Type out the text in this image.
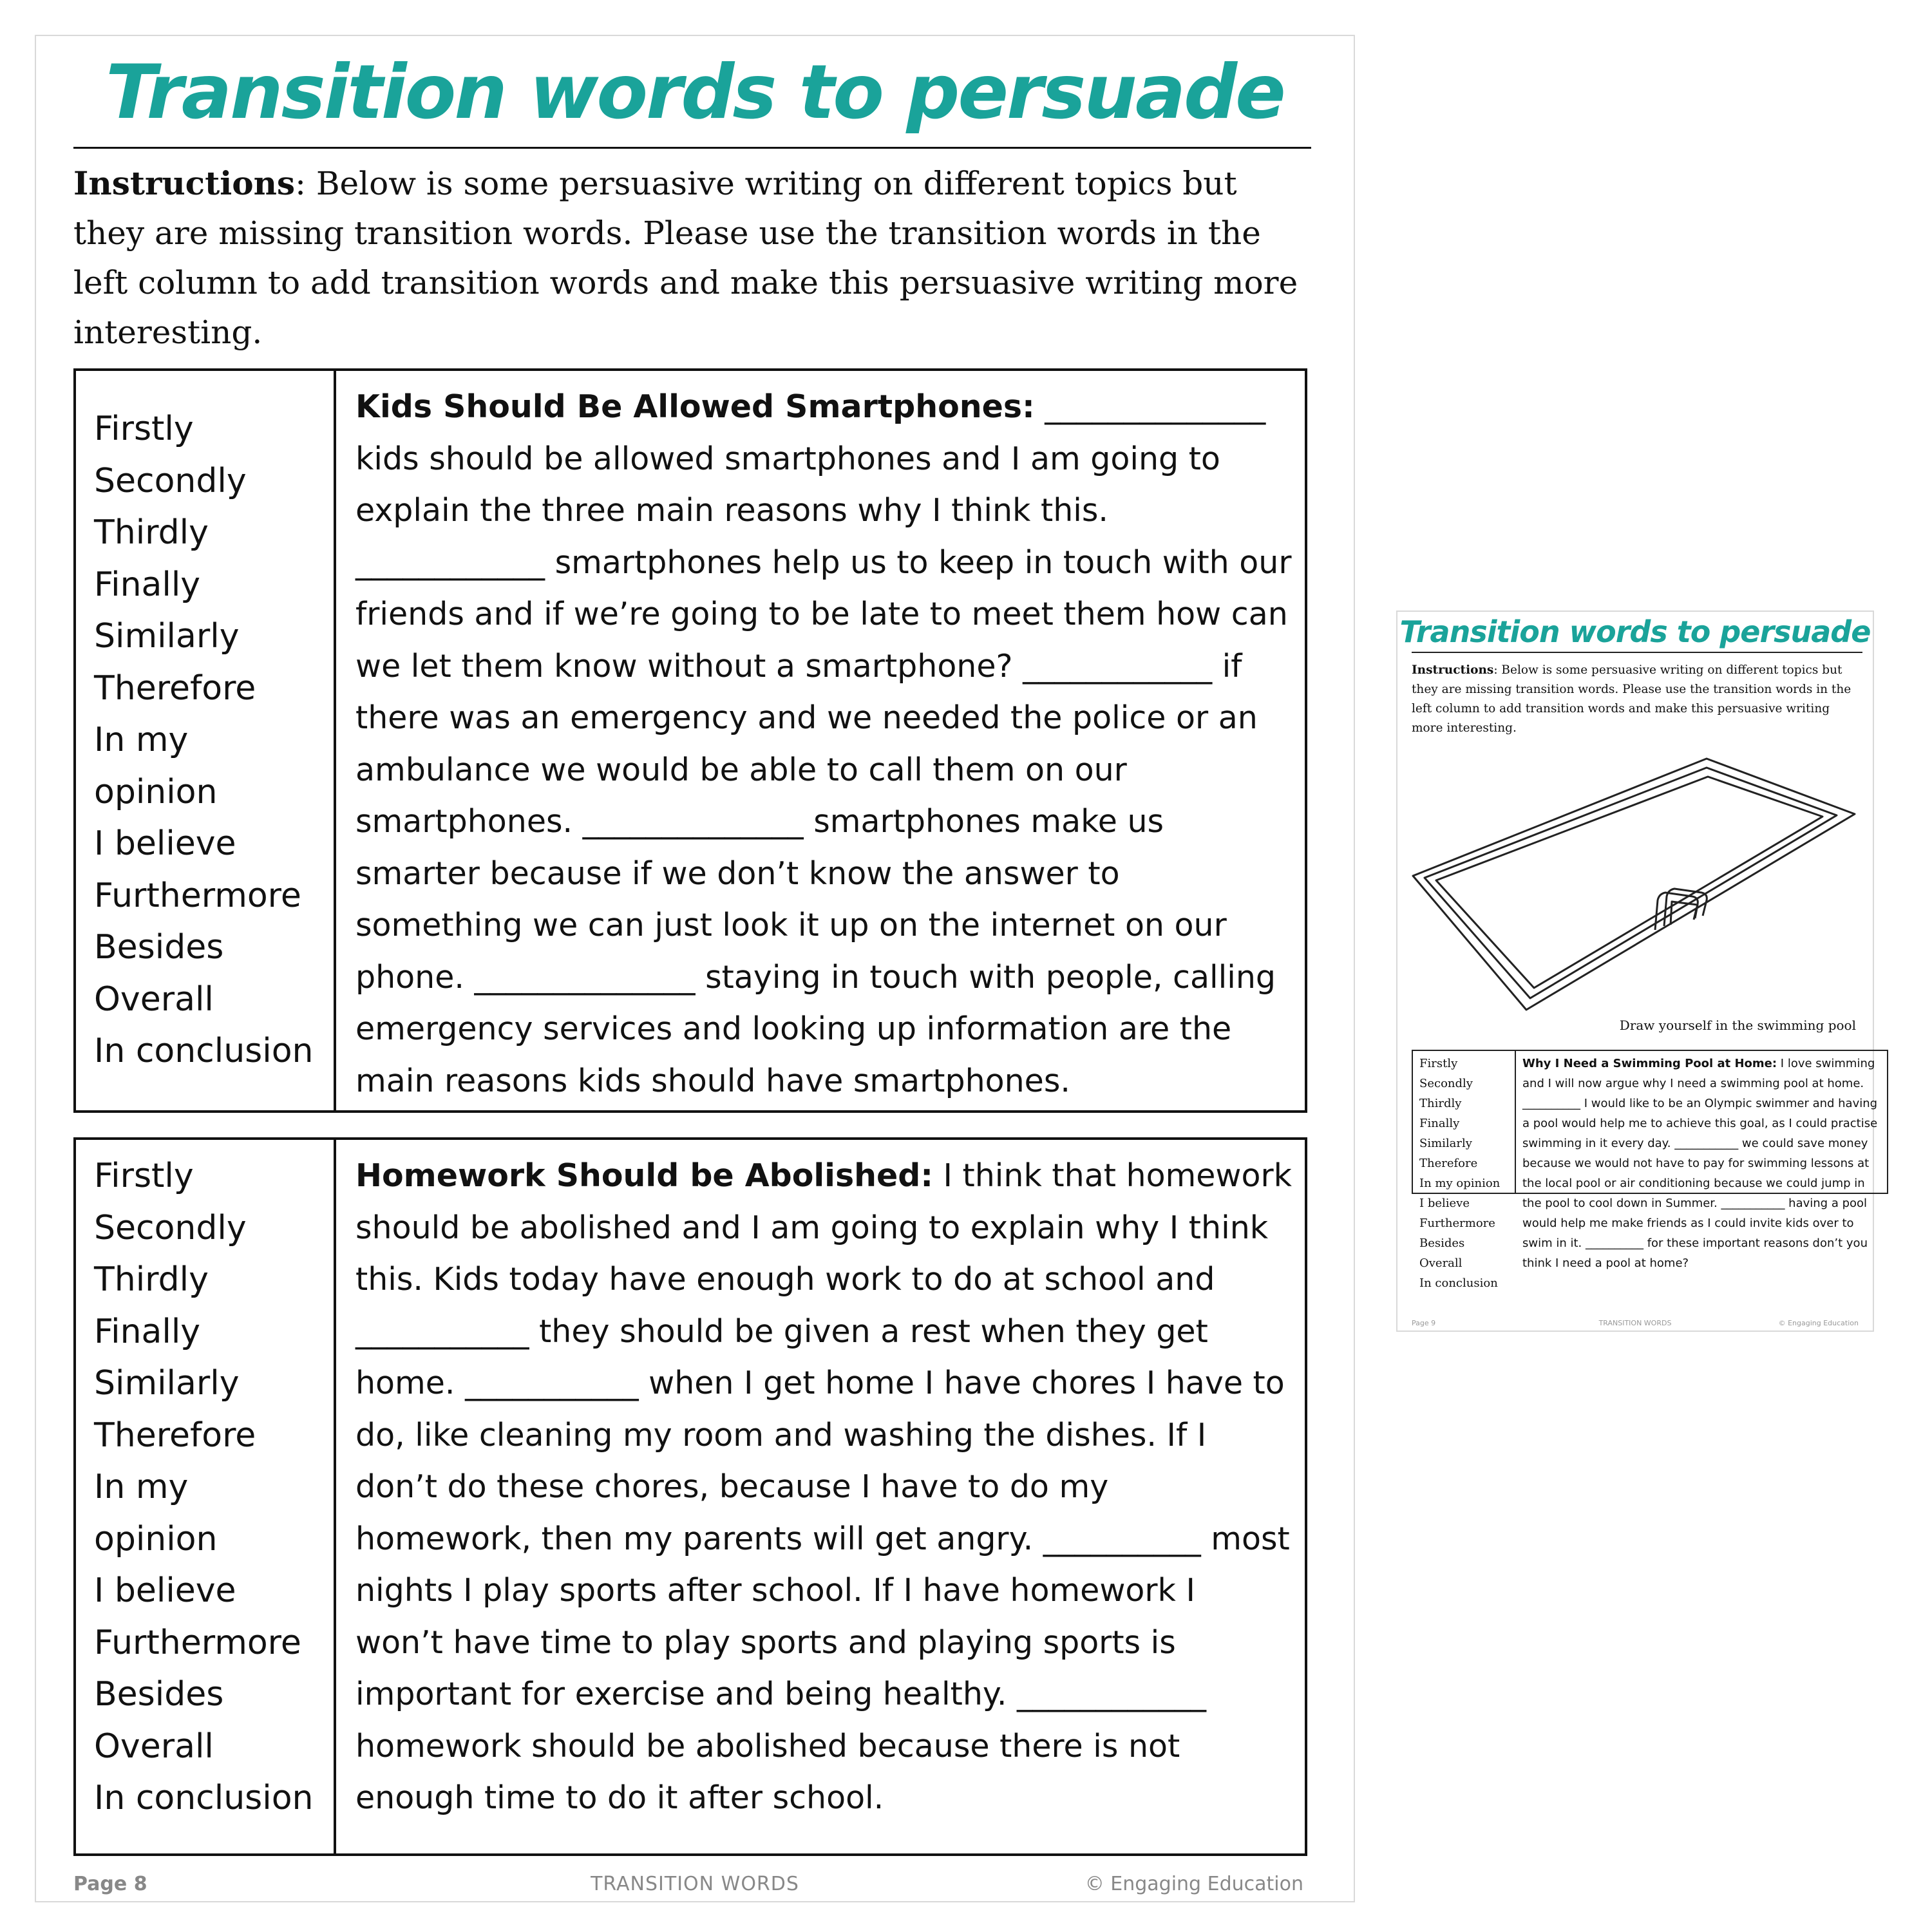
Transition words to persuade

Instructions: Below is some persuasive writing on different topics but they are missing transition words. Please use the transition words in the left column to add transition words and make this persuasive writing more interesting.

Firstly
Secondly
Thirdly
Finally
Similarly
Therefore
In my
opinion
I believe
Furthermore
Besides
Overall
In conclusion

Kids Should Be Allowed Smartphones: ______________ kids should be allowed smartphones and I am going to explain the three main reasons why I think this. ____________ smartphones help us to keep in touch with our friends and if we’re going to be late to meet them how can we let them know without a smartphone? ____________ if there was an emergency and we needed the police or an ambulance we would be able to call them on our smartphones. ______________ smartphones make us smarter because if we don’t know the answer to something we can just look it up on the internet on our phone. ______________ staying in touch with people, calling emergency services and looking up information are the main reasons kids should have smartphones.

Firstly
Secondly
Thirdly
Finally
Similarly
Therefore
In my
opinion
I believe
Furthermore
Besides
Overall
In conclusion

Homework Should be Abolished: I think that homework should be abolished and I am going to explain why I think this. Kids today have enough work to do at school and ___________ they should be given a rest when they get home. ___________ when I get home I have chores I have to do, like cleaning my room and washing the dishes. If I don’t do these chores, because I have to do my homework, then my parents will get angry. __________ most nights I play sports after school. If I have homework I won’t have time to play sports and playing sports is important for exercise and being healthy. ____________ homework should be abolished because there is not enough time to do it after school.

TRANSITION WORDS
Page 8	© Engaging Education
Transition words to persuade

Instructions: Below is some persuasive writing on different topics but they are missing transition words. Please use the transition words in the left column to add transition words and make this persuasive writing more interesting.

Draw yourself in the swimming pool

Firstly
Secondly
Thirdly
Finally
Similarly
Therefore
In my opinion
I believe
Furthermore
Besides
Overall
In conclusion

Why I Need a Swimming Pool at Home: I love swimming and I will now argue why I need a swimming pool at home. __________ I would like to be an Olympic swimmer and having a pool would help me to achieve this goal, as I could practise swimming in it every day. ___________ we could save money because we would not have to pay for swimming lessons at the local pool or air conditioning because we could jump in the pool to cool down in Summer. ___________ having a pool would help me make friends as I could invite kids over to swim in it. __________ for these important reasons don’t you think I need a pool at home?

TRANSITION WORDS
Page 9	© Engaging Education
